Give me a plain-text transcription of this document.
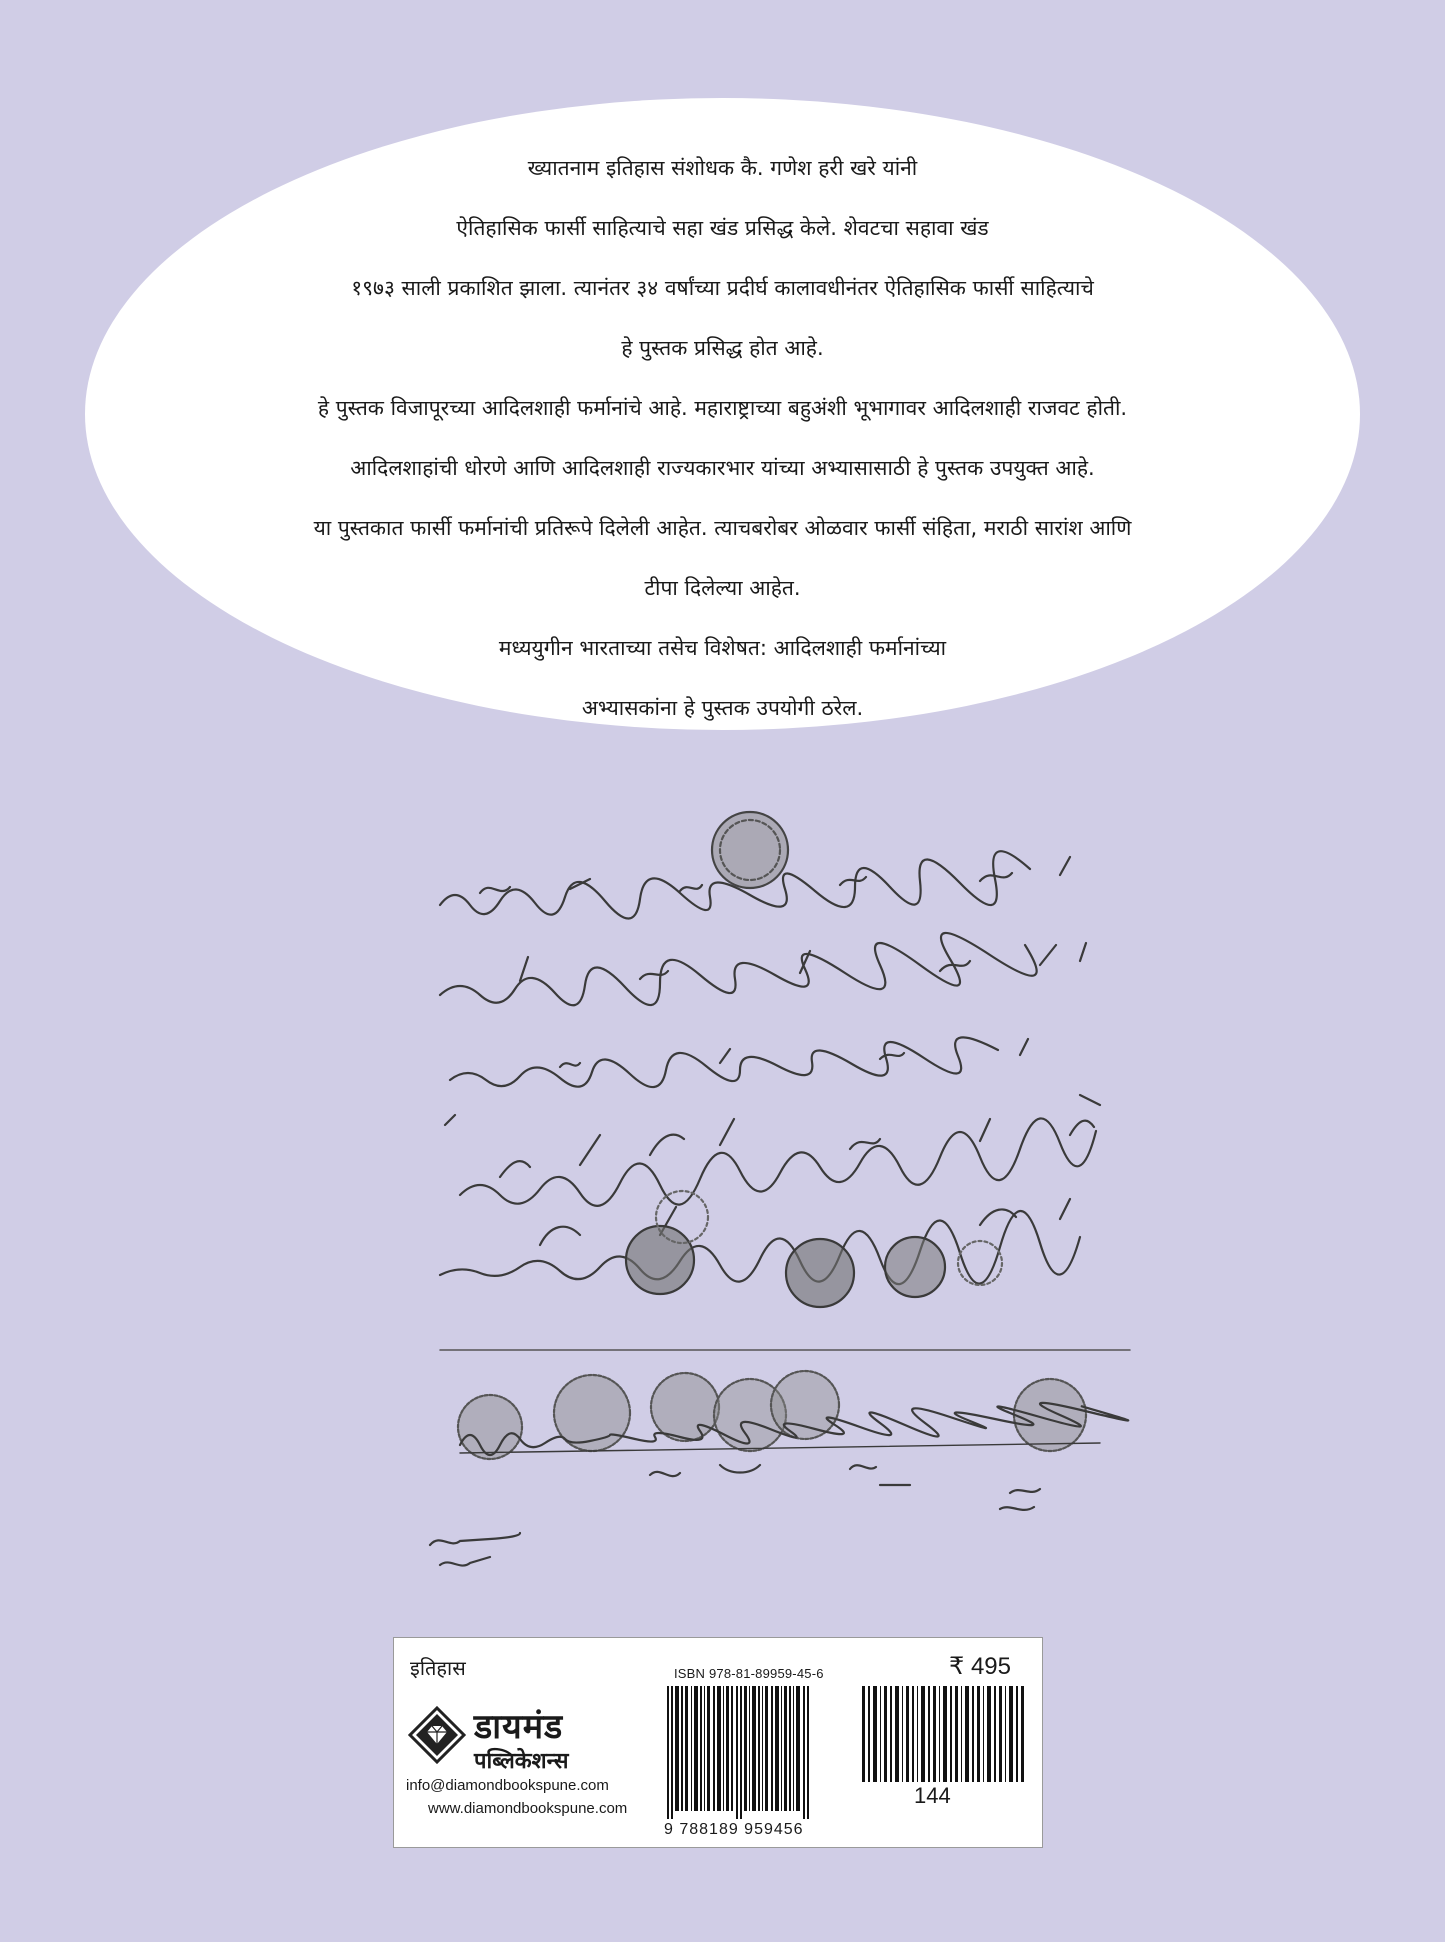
ख्यातनाम इतिहास संशोधक कै. गणेश हरी खरे यांनी

ऐतिहासिक फार्सी साहित्याचे सहा खंड प्रसिद्ध केले. शेवटचा सहावा खंड

१९७३ साली प्रकाशित झाला. त्यानंतर ३४ वर्षांच्या प्रदीर्घ कालावधीनंतर ऐतिहासिक फार्सी साहित्याचे

हे पुस्तक प्रसिद्ध होत आहे.

हे पुस्तक विजापूरच्या आदिलशाही फर्मानांचे आहे. महाराष्ट्राच्या बहुअंशी भूभागावर आदिलशाही राजवट होती.

आदिलशाहांची धोरणे आणि आदिलशाही राज्यकारभार यांच्या अभ्यासासाठी हे पुस्तक उपयुक्त आहे.

या पुस्तकात फार्सी फर्मानांची प्रतिरूपे दिलेली आहेत. त्याचबरोबर ओळवार फार्सी संहिता, मराठी सारांश आणि

टीपा दिलेल्या आहेत.

मध्ययुगीन भारताच्या तसेच विशेषत: आदिलशाही फर्मानांच्या

अभ्यासकांना हे पुस्तक उपयोगी ठरेल.

इतिहास	ISBN 978-81-89959-45-6	₹ 495
डायमंड
पब्लिकेशन्स
info@diamondbookspune.com
www.diamondbookspune.com
9 788189 959456
144
